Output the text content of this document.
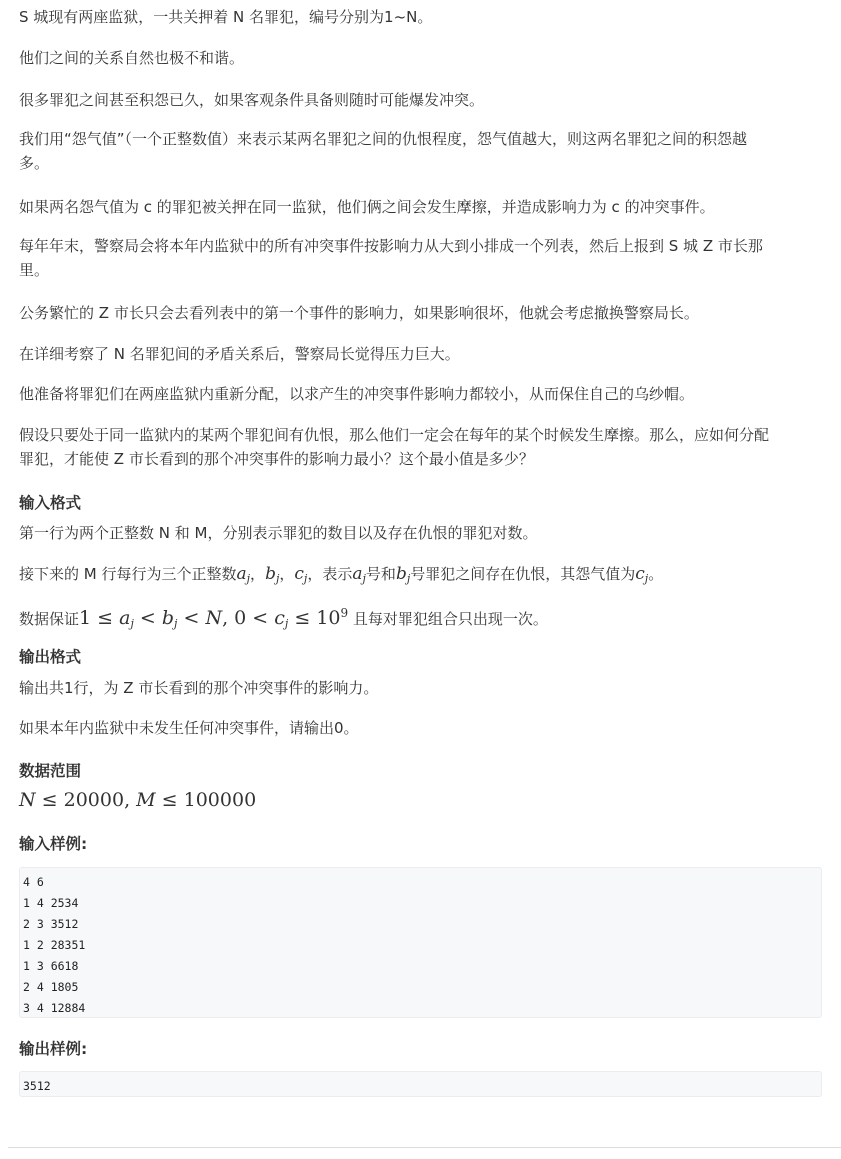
S 城现有两座监狱，一共关押着 N 名罪犯，编号分别为1~N。

他们之间的关系自然也极不和谐。

很多罪犯之间甚至积怨已久，如果客观条件具备则随时可能爆发冲突。

我们用“怨气值”（一个正整数值）来表示某两名罪犯之间的仇恨程度，怨气值越大，则这两名罪犯之间的积怨越
多。

如果两名怨气值为 c 的罪犯被关押在同一监狱，他们俩之间会发生摩擦，并造成影响力为 c 的冲突事件。

每年年末，警察局会将本年内监狱中的所有冲突事件按影响力从大到小排成一个列表，然后上报到 S 城 Z 市长那
里。

公务繁忙的 Z 市长只会去看列表中的第一个事件的影响力，如果影响很坏，他就会考虑撤换警察局长。

在详细考察了 N 名罪犯间的矛盾关系后，警察局长觉得压力巨大。

他准备将罪犯们在两座监狱内重新分配，以求产生的冲突事件影响力都较小，从而保住自己的乌纱帽。

假设只要处于同一监狱内的某两个罪犯间有仇恨，那么他们一定会在每年的某个时候发生摩擦。那么，应如何分配
罪犯，才能使 Z 市长看到的那个冲突事件的影响力最小？这个最小值是多少？
输入格式

第一行为两个正整数 N 和 M，分别表示罪犯的数目以及存在仇恨的罪犯对数。

接下来的 M 行每行为三个正整数$a_j$，$b_j$，$c_j$，表示$a_j$号和$b_j$号罪犯之间存在仇恨，其怨气值为$c_j$。

数据保证$1 \le a_j < b_j < N$, $0 < c_j \le 10^9$ 且每对罪犯组合只出现一次。

输出格式

输出共1行，为 Z 市长看到的那个冲突事件的影响力。

如果本年内监狱中未发生任何冲突事件，请输出0。

数据范围

N ≤ 20000, M ≤ 100000

输入样例:
4 6
1 4 2534
2 3 3512
1 2 28351
1 3 6618
2 4 1805
3 4 12884
输出样例:
3512
